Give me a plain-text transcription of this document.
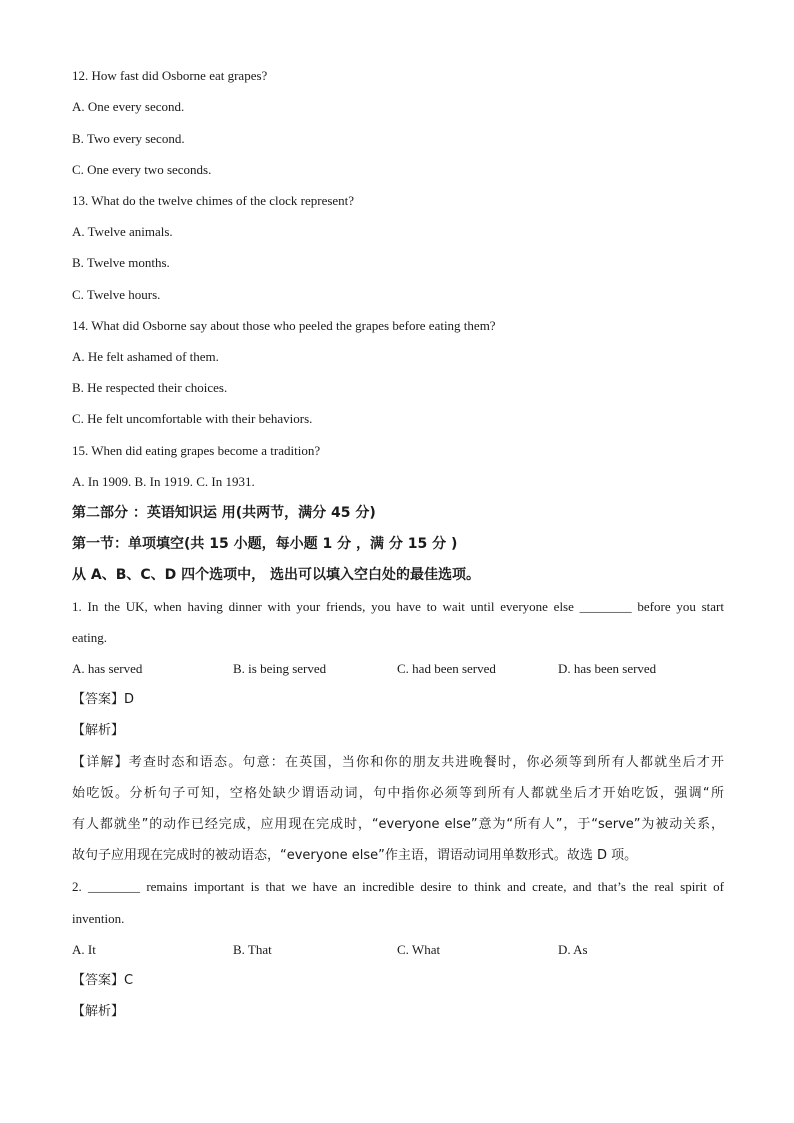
12. How fast did Osborne eat grapes?
A. One every second.
B. Two every second.
C. One every two seconds.
13. What do the twelve chimes of the clock represent?
A. Twelve animals.
B. Twelve months.
C. Twelve hours.
14. What did Osborne say about those who peeled the grapes before eating them?
A. He felt ashamed of them.
B. He respected their choices.
C. He felt uncomfortable with their behaviors.
15. When did eating grapes become a tradition?
A. In 1909. B. In 1919. C. In 1931.
第二部分 ：英语知识运 用(共两节，满分 45 分)
第一节：单项填空(共 15 小题，每小题 1 分 ，满 分 15 分 )
从 A、B、C、D 四个选项中， 选出可以填入空白处的最佳选项。
1. In the UK, when having dinner with your friends, you have to wait until everyone else ________ before you start
eating.
A. has served	B. is being served	C. had been served	D. has been served
【答案】D
【解析】
【详解】考查时态和语态。句意：在英国，当你和你的朋友共进晚餐时，你必须等到所有人都就坐后才开
始吃饭。分析句子可知，空格处缺少谓语动词，句中指你必须等到所有人都就坐后才开始吃饭，强调“所
有人都就坐”的动作已经完成，应用现在完成时，“everyone else”意为“所有人”，于“serve”为被动关系，
故句子应用现在完成时的被动语态，“everyone else”作主语，谓语动词用单数形式。故选 D 项。
2. ________ remains important is that we have an incredible desire to think and create, and that’s the real spirit of
invention.
A. It	B. That	C. What	D. As
【答案】C
【解析】
